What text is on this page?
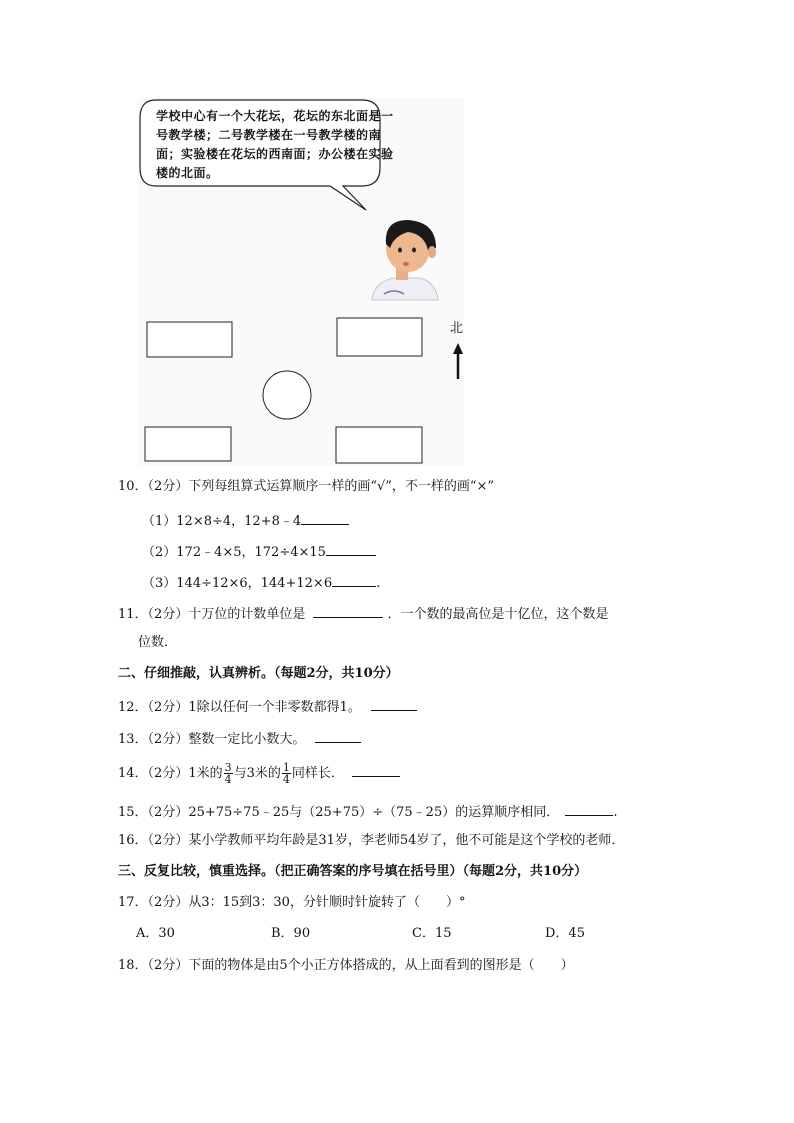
学校中心有一个大花坛，花坛的东北面是一号教学楼；二号教学楼在一号教学楼的南面；实验楼在花坛的西南面；办公楼在实验楼的北面。
北
10．（2分）下列每组算式运算顺序一样的画“√”，不一样的画“×”
（1）12×8÷4，12+8﹣4
（2）172﹣4×5，172÷4×15
（3）144÷12×6，144+12×6	.
11．（2分）十万位的计数单位是	．一个数的最高位是十亿位，这个数是
位数．
二、仔细推敲，认真辨析。（每题2分，共10分）
12．（2分）1除以任何一个非零数都得1。
13．（2分）整数一定比小数大。
14．（2分）1米的 $\frac{3}{4}$ 与3米的 $\frac{1}{4}$ 同样长．
15．（2分）25+75÷75﹣25与（25+75）÷（75﹣25）的运算顺序相同．	.
16．（2分）某小学教师平均年龄是31岁，李老师54岁了，他不可能是这个学校的老师．
三、反复比较，慎重选择。（把正确答案的序号填在括号里）（每题2分，共10分）
17．（2分）从3：15到3：30，分针顺时针旋转了（　　）°
A．30	B．90	C．15	D．45
18．（2分）下面的物体是由5个小正方体搭成的，从上面看到的图形是（　　）
